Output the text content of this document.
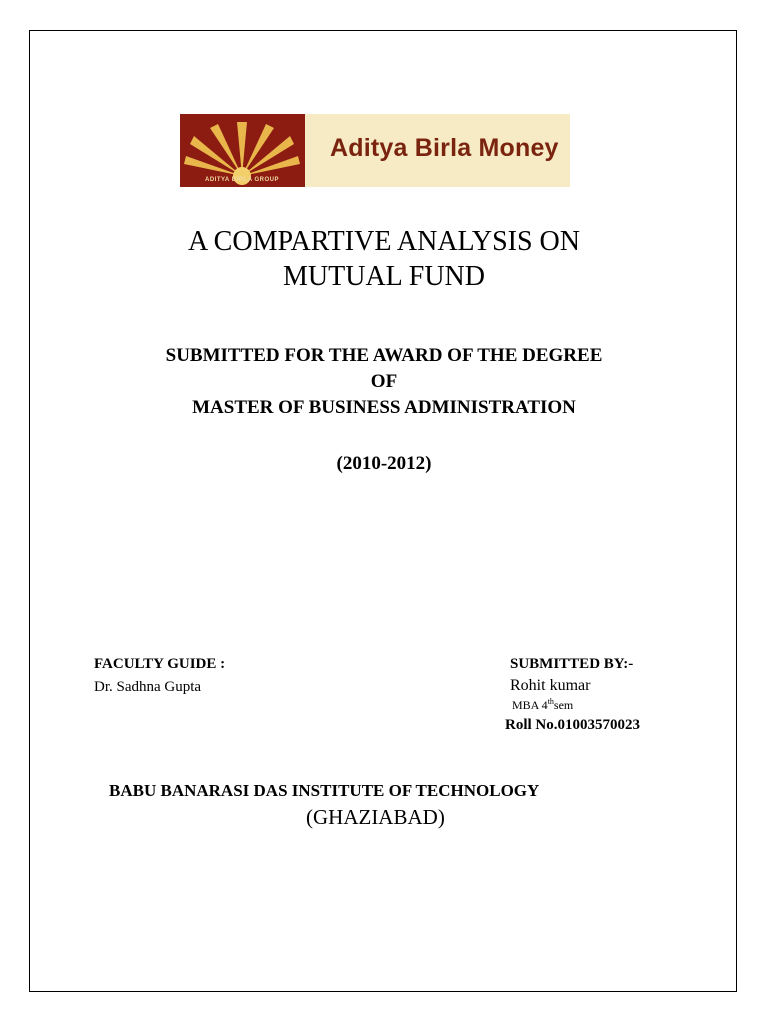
ADITYA BIRLA GROUP
Aditya Birla Money
A COMPARTIVE ANALYSIS ON
MUTUAL FUND
SUBMITTED FOR THE AWARD OF THE DEGREE
OF
MASTER OF BUSINESS ADMINISTRATION
(2010-2012)
FACULTY GUIDE :
Dr. Sadhna Gupta
SUBMITTED BY:-
Rohit kumar
MBA 4thsem
Roll No.01003570023
BABU BANARASI DAS INSTITUTE OF TECHNOLOGY
(GHAZIABAD)
